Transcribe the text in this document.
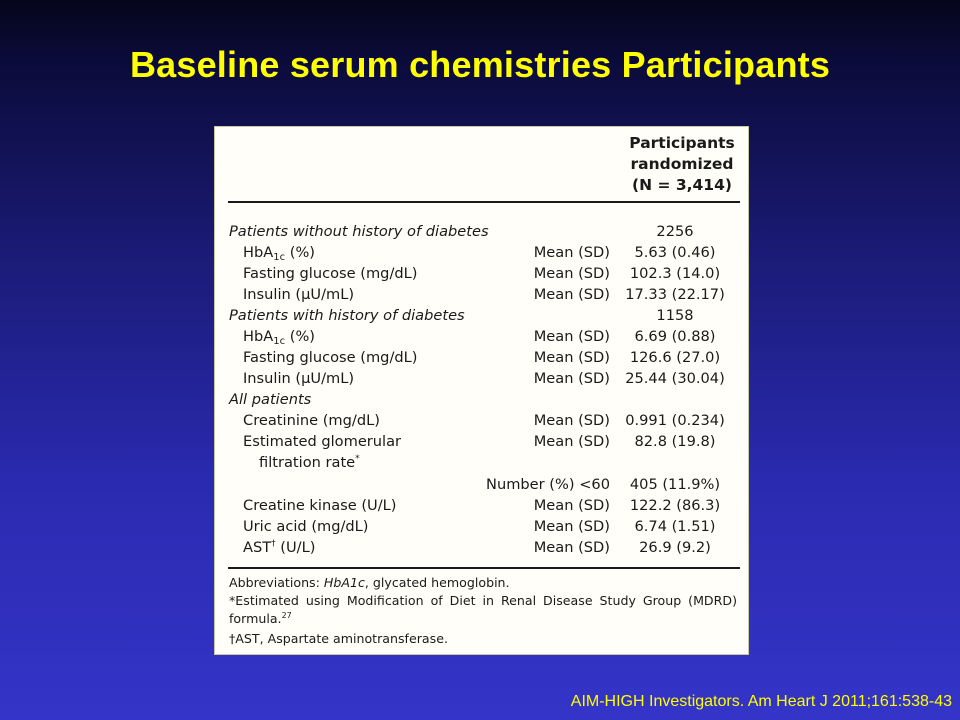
Baseline serum chemistries Participants
Participants
randomized
(N = 3,414)
Patients without history of diabetes	2256
HbA$_{1c}$ (%)	Mean (SD)	5.63 (0.46)
Fasting glucose (mg/dL)	Mean (SD)	102.3 (14.0)
Insulin (μU/mL)	Mean (SD)	17.33 (22.17)
Patients with history of diabetes	1158
HbA$_{1c}$ (%)	Mean (SD)	6.69 (0.88)
Fasting glucose (mg/dL)	Mean (SD)	126.6 (27.0)
Insulin (μU/mL)	Mean (SD)	25.44 (30.04)
All patients
Creatinine (mg/dL)	Mean (SD)	0.991 (0.234)
Estimated glomerular	Mean (SD)	82.8 (19.8)
filtration rate*
Number (%) <60	405 (11.9%)
Creatine kinase (U/L)	Mean (SD)	122.2 (86.3)
Uric acid (mg/dL)	Mean (SD)	6.74 (1.51)
AST† (U/L)	Mean (SD)	26.9 (9.2)
Abbreviations: HbA1c, glycated hemoglobin.
*Estimated using Modification of Diet in Renal Disease Study Group (MDRD)
formula.$^{27}$
†AST, Aspartate aminotransferase.
AIM-HIGH Investigators. Am Heart J 2011;161:538-43
